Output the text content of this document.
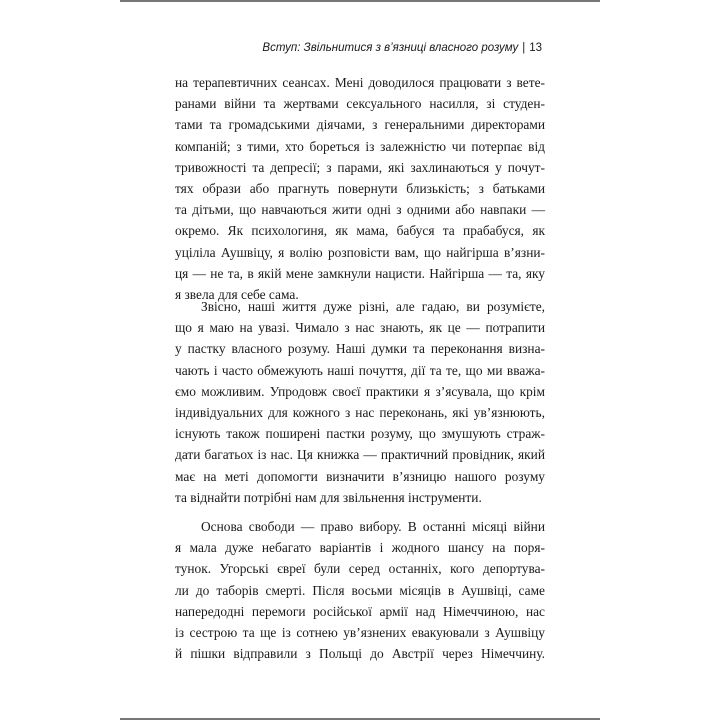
Вступ: Звільнитися з в’язниці власного розуму | 13

на терапевтичних сеансах. Мені доводилося працювати з вете-

ранами війни та жертвами сексуального насилля, зі студен-

тами та громадськими діячами, з генеральними директорами

компаній; з тими, хто бореться із залежністю чи потерпає від

тривожності та депресії; з парами, які захлинаються у почут-

тях образи або прагнуть повернути близькість; з батьками

та дітьми, що навчаються жити одні з одними або навпаки —

окремо. Як психологиня, як мама, бабуся та прабабуся, як

уціліла Аушвіцу, я волію розповісти вам, що найгірша в’язни-

ця — не та, в якій мене замкнули нацисти. Найгірша — та, яку

я звела для себе сама.

Звісно, наші життя дуже різні, але гадаю, ви розумієте,

що я маю на увазі. Чимало з нас знають, як це — потрапити

у пастку власного розуму. Наші думки та переконання визна-

чають і часто обмежують наші почуття, дії та те, що ми вважа-

ємо можливим. Упродовж своєї практики я з’ясувала, що крім

індивідуальних для кожного з нас переконань, які ув’язнюють,

існують також поширені пастки розуму, що змушують страж-

дати багатьох із нас. Ця книжка — практичний провідник, який

має на меті допомогти визначити в’язницю нашого розуму

та віднайти потрібні нам для звільнення інструменти.

Основа свободи — право вибору. В останні місяці війни

я мала дуже небагато варіантів і жодного шансу на поря-

тунок. Угорські євреї були серед останніх, кого депортува-

ли до таборів смерті. Після восьми місяців в Аушвіці, саме

напередодні перемоги російської армії над Німеччиною, нас

із сестрою та ще із сотнею ув’язнених евакуювали з Аушвіцу

й пішки відправили з Польщі до Австрії через Німеччину.
